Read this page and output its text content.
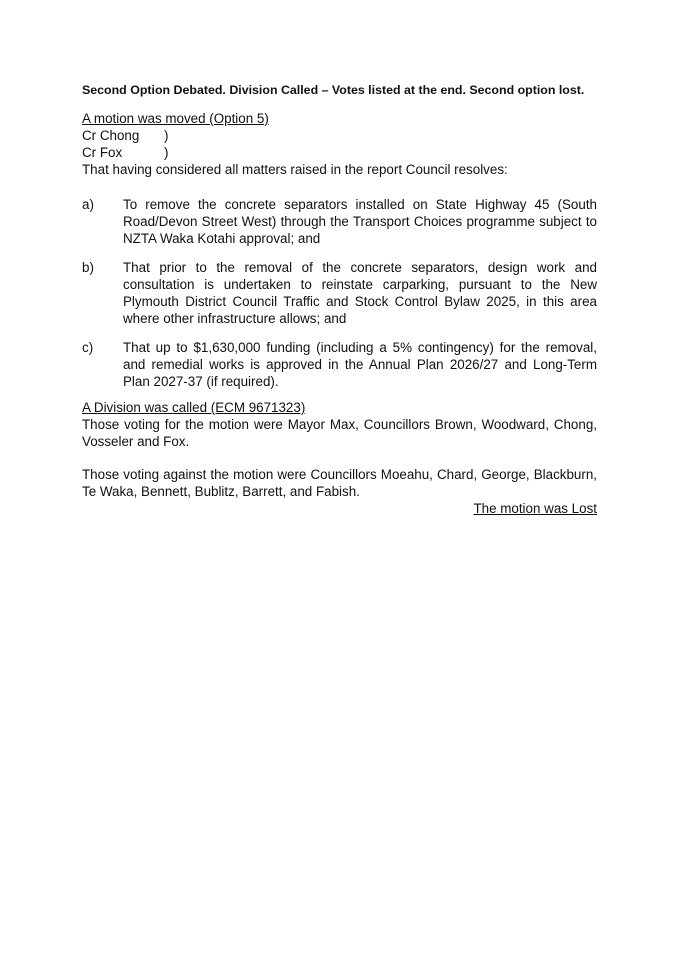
Second Option Debated. Division Called – Votes listed at the end. Second option lost.
A motion was moved (Option 5)
Cr Chong	)
Cr Fox	)
That having considered all matters raised in the report Council resolves:
a)	To remove the concrete separators installed on State Highway 45 (South Road/Devon Street West) through the Transport Choices programme subject to NZTA Waka Kotahi approval; and
b)	That prior to the removal of the concrete separators, design work and consultation is undertaken to reinstate carparking, pursuant to the New Plymouth District Council Traffic and Stock Control Bylaw 2025, in this area where other infrastructure allows; and
c)	That up to $1,630,000 funding (including a 5% contingency) for the removal, and remedial works is approved in the Annual Plan 2026/27 and Long-Term Plan 2027-37 (if required).
A Division was called (ECM 9671323)
Those voting for the motion were Mayor Max, Councillors Brown, Woodward, Chong, Vosseler and Fox.
Those voting against the motion were Councillors Moeahu, Chard, George, Blackburn, Te Waka, Bennett, Bublitz, Barrett, and Fabish.
The motion was Lost
